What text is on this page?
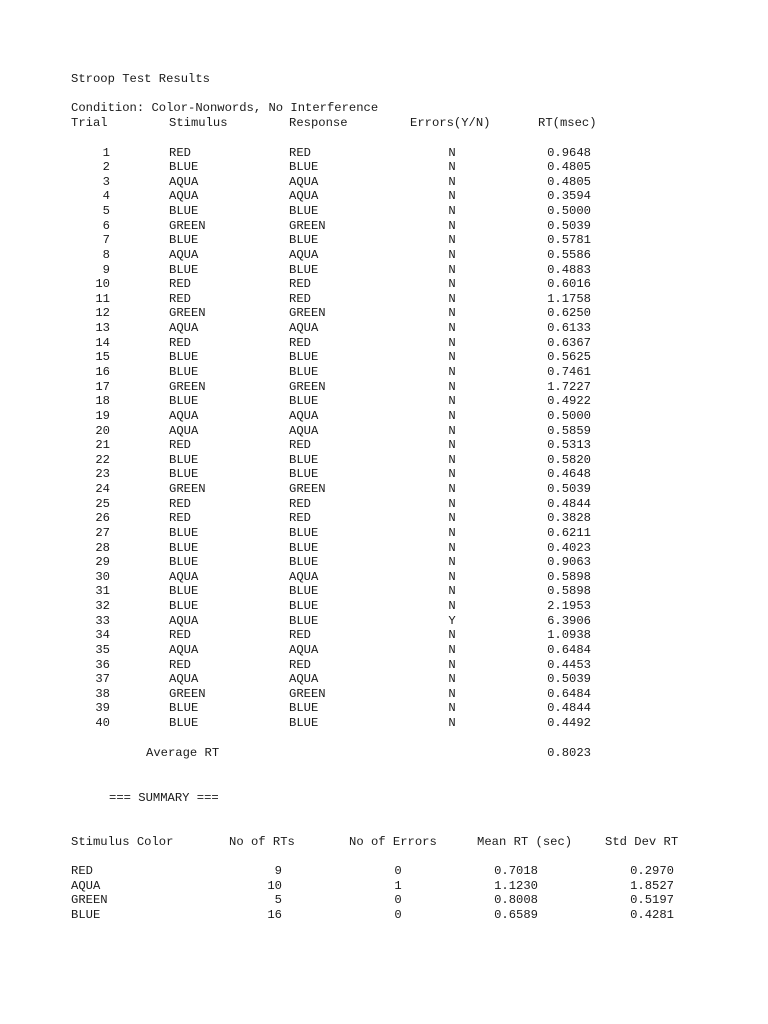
Stroop Test Results
Condition: Color-Nonwords, No Interference
Trial	Stimulus	Response	Errors(Y/N)	RT(msec)
1	RED	RED	N	0.9648
2	BLUE	BLUE	N	0.4805
3	AQUA	AQUA	N	0.4805
4	AQUA	AQUA	N	0.3594
5	BLUE	BLUE	N	0.5000
6	GREEN	GREEN	N	0.5039
7	BLUE	BLUE	N	0.5781
8	AQUA	AQUA	N	0.5586
9	BLUE	BLUE	N	0.4883
10	RED	RED	N	0.6016
11	RED	RED	N	1.1758
12	GREEN	GREEN	N	0.6250
13	AQUA	AQUA	N	0.6133
14	RED	RED	N	0.6367
15	BLUE	BLUE	N	0.5625
16	BLUE	BLUE	N	0.7461
17	GREEN	GREEN	N	1.7227
18	BLUE	BLUE	N	0.4922
19	AQUA	AQUA	N	0.5000
20	AQUA	AQUA	N	0.5859
21	RED	RED	N	0.5313
22	BLUE	BLUE	N	0.5820
23	BLUE	BLUE	N	0.4648
24	GREEN	GREEN	N	0.5039
25	RED	RED	N	0.4844
26	RED	RED	N	0.3828
27	BLUE	BLUE	N	0.6211
28	BLUE	BLUE	N	0.4023
29	BLUE	BLUE	N	0.9063
30	AQUA	AQUA	N	0.5898
31	BLUE	BLUE	N	0.5898
32	BLUE	BLUE	N	2.1953
33	AQUA	BLUE	Y	6.3906
34	RED	RED	N	1.0938
35	AQUA	AQUA	N	0.6484
36	RED	RED	N	0.4453
37	AQUA	AQUA	N	0.5039
38	GREEN	GREEN	N	0.6484
39	BLUE	BLUE	N	0.4844
40	BLUE	BLUE	N	0.4492
Average RT	0.8023
=== SUMMARY ===
Stimulus Color	No of RTs	No of Errors	Mean RT (sec)	Std Dev RT
RED	9	0	0.7018	0.2970
AQUA	10	1	1.1230	1.8527
GREEN	5	0	0.8008	0.5197
BLUE	16	0	0.6589	0.4281
